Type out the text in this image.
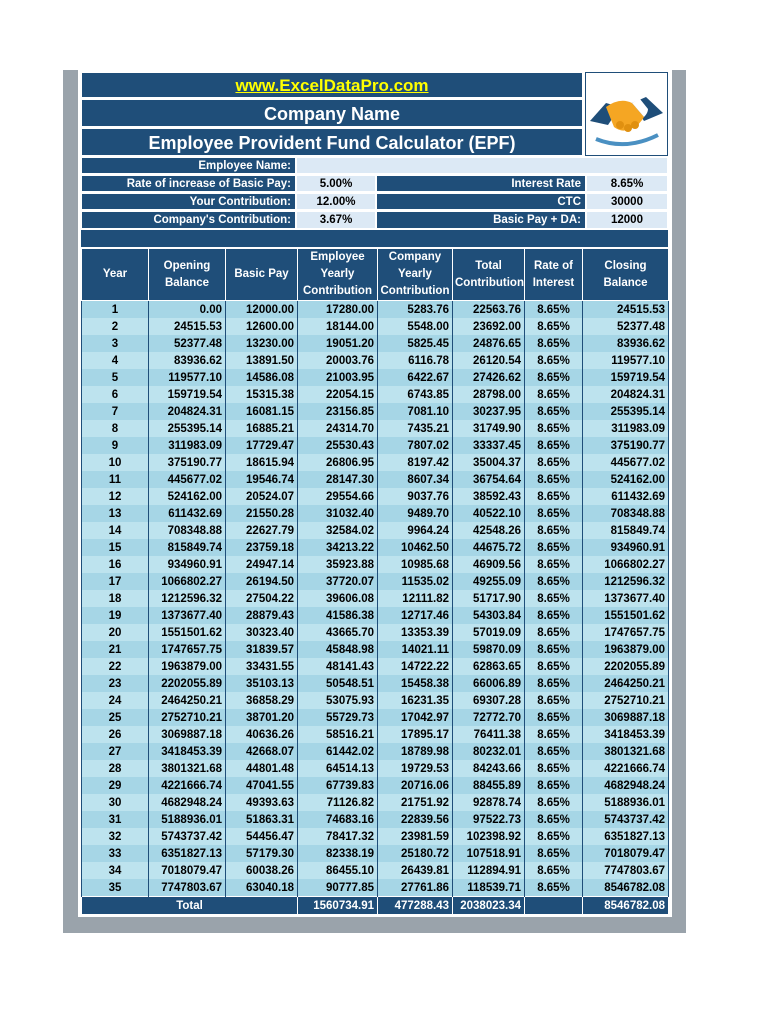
www.ExcelDataPro.com
Company Name
Employee Provident Fund Calculator (EPF)
Employee Name:
Rate of increase of Basic Pay:	5.00%	Interest Rate	8.65%
Your Contribution:	12.00%	CTC	30000
Company's Contribution:	3.67%	Basic Pay + DA:	12000
Year	Opening Balance	Basic Pay	Employee Yearly Contribution	Company Yearly Contribution	Total Contribution	Rate of Interest	Closing Balance
1	0.00	12000.00	17280.00	5283.76	22563.76	8.65%	24515.53
2	24515.53	12600.00	18144.00	5548.00	23692.00	8.65%	52377.48
3	52377.48	13230.00	19051.20	5825.45	24876.65	8.65%	83936.62
4	83936.62	13891.50	20003.76	6116.78	26120.54	8.65%	119577.10
5	119577.10	14586.08	21003.95	6422.67	27426.62	8.65%	159719.54
6	159719.54	15315.38	22054.15	6743.85	28798.00	8.65%	204824.31
7	204824.31	16081.15	23156.85	7081.10	30237.95	8.65%	255395.14
8	255395.14	16885.21	24314.70	7435.21	31749.90	8.65%	311983.09
9	311983.09	17729.47	25530.43	7807.02	33337.45	8.65%	375190.77
10	375190.77	18615.94	26806.95	8197.42	35004.37	8.65%	445677.02
11	445677.02	19546.74	28147.30	8607.34	36754.64	8.65%	524162.00
12	524162.00	20524.07	29554.66	9037.76	38592.43	8.65%	611432.69
13	611432.69	21550.28	31032.40	9489.70	40522.10	8.65%	708348.88
14	708348.88	22627.79	32584.02	9964.24	42548.26	8.65%	815849.74
15	815849.74	23759.18	34213.22	10462.50	44675.72	8.65%	934960.91
16	934960.91	24947.14	35923.88	10985.68	46909.56	8.65%	1066802.27
17	1066802.27	26194.50	37720.07	11535.02	49255.09	8.65%	1212596.32
18	1212596.32	27504.22	39606.08	12111.82	51717.90	8.65%	1373677.40
19	1373677.40	28879.43	41586.38	12717.46	54303.84	8.65%	1551501.62
20	1551501.62	30323.40	43665.70	13353.39	57019.09	8.65%	1747657.75
21	1747657.75	31839.57	45848.98	14021.11	59870.09	8.65%	1963879.00
22	1963879.00	33431.55	48141.43	14722.22	62863.65	8.65%	2202055.89
23	2202055.89	35103.13	50548.51	15458.38	66006.89	8.65%	2464250.21
24	2464250.21	36858.29	53075.93	16231.35	69307.28	8.65%	2752710.21
25	2752710.21	38701.20	55729.73	17042.97	72772.70	8.65%	3069887.18
26	3069887.18	40636.26	58516.21	17895.17	76411.38	8.65%	3418453.39
27	3418453.39	42668.07	61442.02	18789.98	80232.01	8.65%	3801321.68
28	3801321.68	44801.48	64514.13	19729.53	84243.66	8.65%	4221666.74
29	4221666.74	47041.55	67739.83	20716.06	88455.89	8.65%	4682948.24
30	4682948.24	49393.63	71126.82	21751.92	92878.74	8.65%	5188936.01
31	5188936.01	51863.31	74683.16	22839.56	97522.73	8.65%	5743737.42
32	5743737.42	54456.47	78417.32	23981.59	102398.92	8.65%	6351827.13
33	6351827.13	57179.30	82338.19	25180.72	107518.91	8.65%	7018079.47
34	7018079.47	60038.26	86455.10	26439.81	112894.91	8.65%	7747803.67
35	7747803.67	63040.18	90777.85	27761.86	118539.71	8.65%	8546782.08
Total			1560734.91	477288.43	2038023.34		8546782.08
